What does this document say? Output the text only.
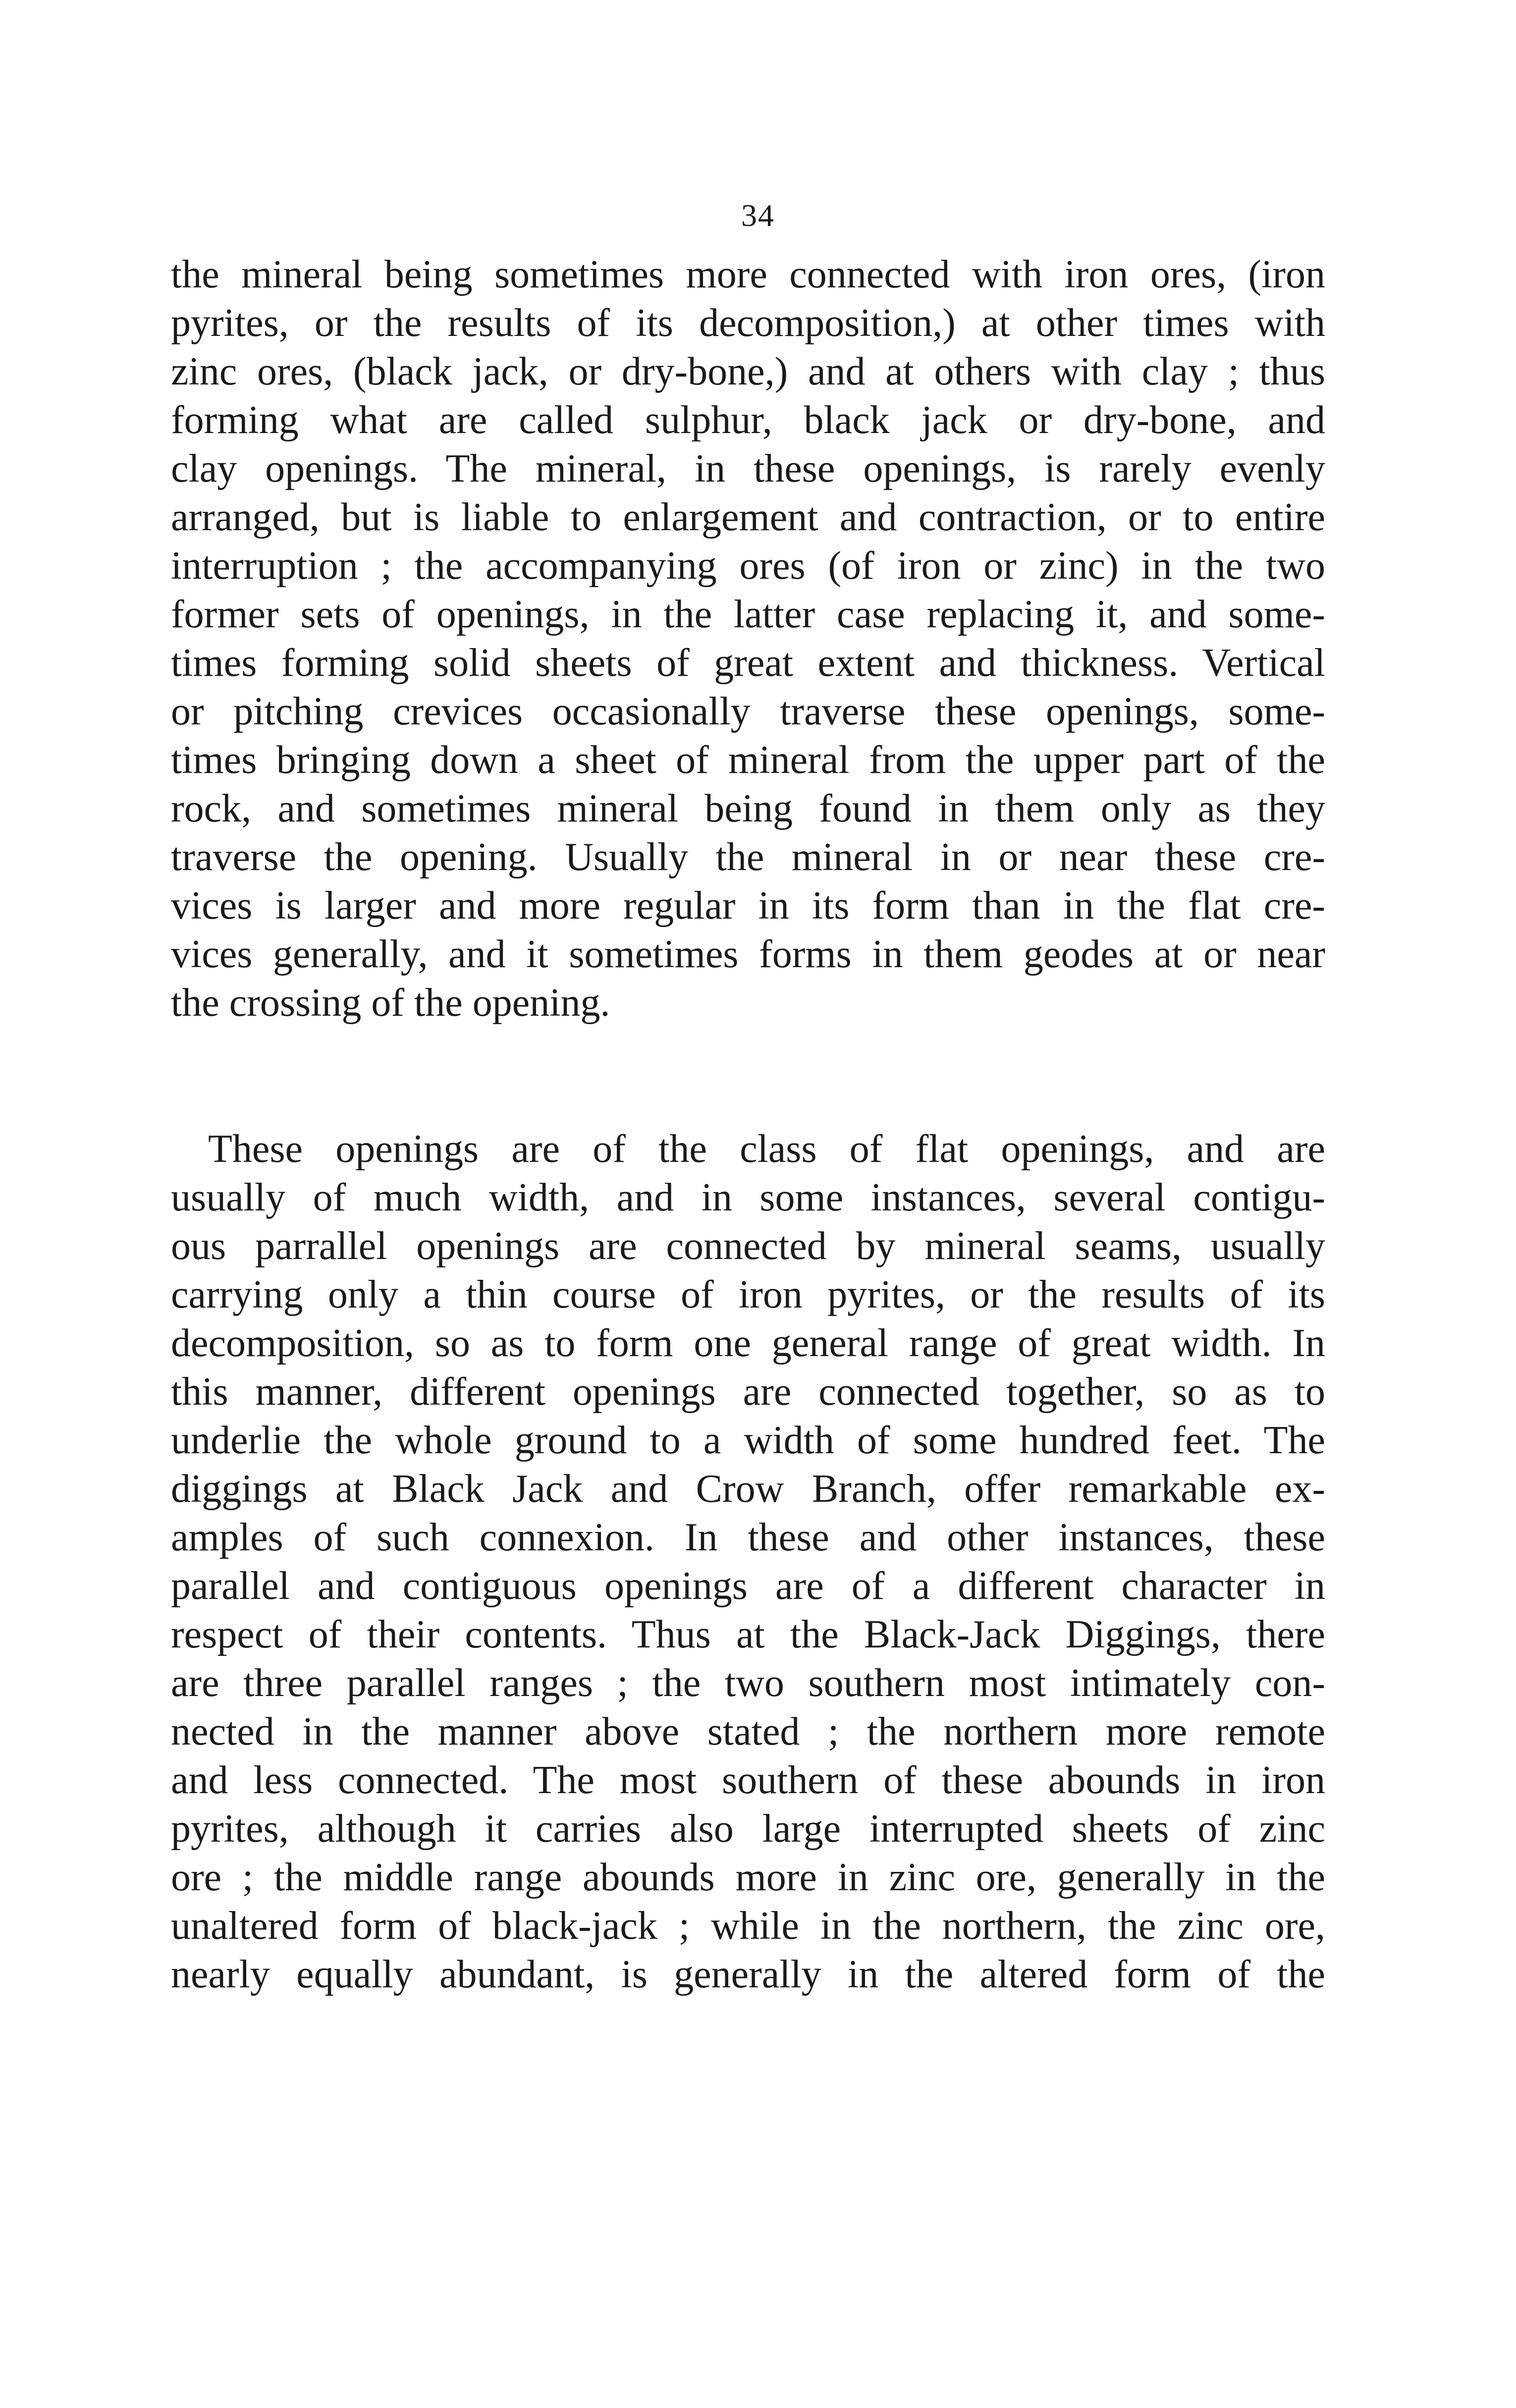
34
the mineral being sometimes more connected with iron ores, (iron
pyrites, or the results of its decomposition,) at other times with
zinc ores, (black jack, or dry-bone,) and at others with clay ; thus
forming what are called sulphur, black jack or dry-bone, and
clay openings. The mineral, in these openings, is rarely evenly
arranged, but is liable to enlargement and contraction, or to entire
interruption ; the accompanying ores (of iron or zinc) in the two
former sets of openings, in the latter case replacing it, and some-
times forming solid sheets of great extent and thickness. Vertical
or pitching crevices occasionally traverse these openings, some-
times bringing down a sheet of mineral from the upper part of the
rock, and sometimes mineral being found in them only as they
traverse the opening. Usually the mineral in or near these cre-
vices is larger and more regular in its form than in the flat cre-
vices generally, and it sometimes forms in them geodes at or near
the crossing of the opening.
These openings are of the class of flat openings, and are
usually of much width, and in some instances, several contigu-
ous parrallel openings are connected by mineral seams, usually
carrying only a thin course of iron pyrites, or the results of its
decomposition, so as to form one general range of great width. In
this manner, different openings are connected together, so as to
underlie the whole ground to a width of some hundred feet. The
diggings at Black Jack and Crow Branch, offer remarkable ex-
amples of such connexion. In these and other instances, these
parallel and contiguous openings are of a different character in
respect of their contents. Thus at the Black-Jack Diggings, there
are three parallel ranges ; the two southern most intimately con-
nected in the manner above stated ; the northern more remote
and less connected. The most southern of these abounds in iron
pyrites, although it carries also large interrupted sheets of zinc
ore ; the middle range abounds more in zinc ore, generally in the
unaltered form of black-jack ; while in the northern, the zinc ore,
nearly equally abundant, is generally in the altered form of the
